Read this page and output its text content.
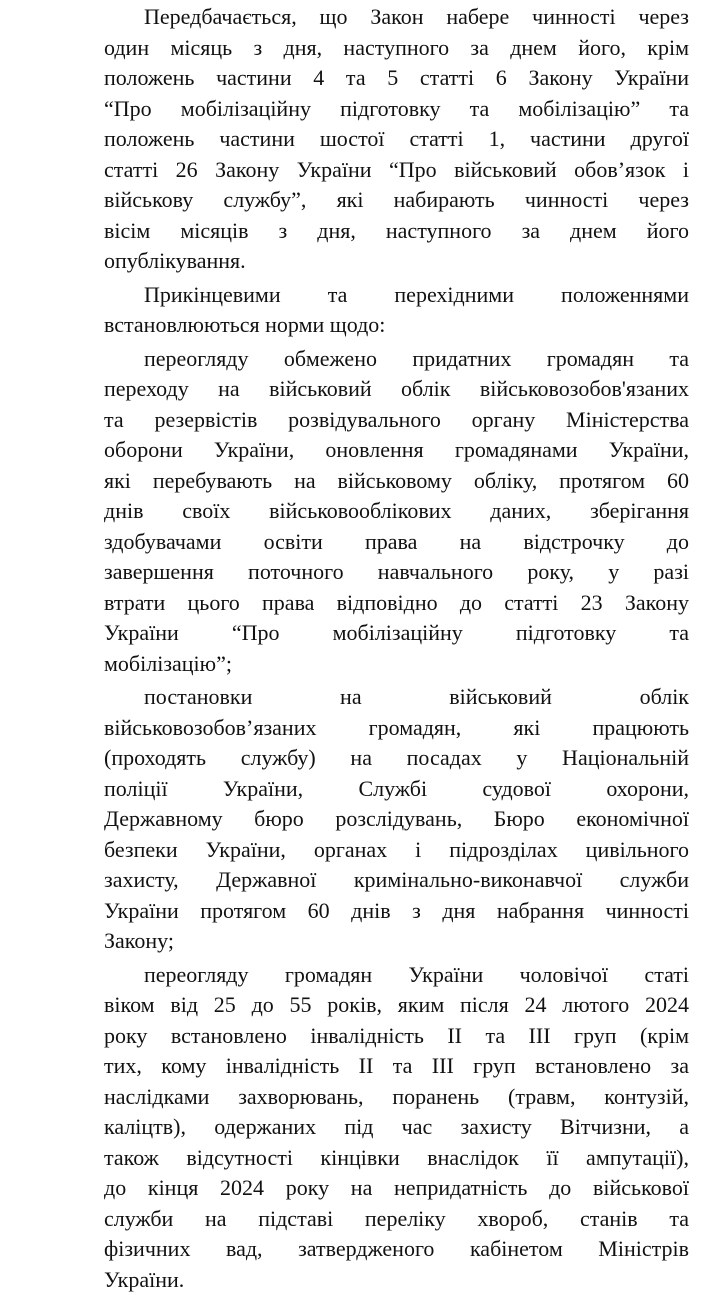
Передбачається, що Закон набере чинності через
один місяць з дня, наступного за днем його, крім
положень частини 4 та 5 статті 6 Закону України
“Про мобілізаційну підготовку та мобілізацію” та
положень частини шостої статті 1, частини другої
статті 26 Закону України “Про військовий обов’язок і
військову службу”, які набирають чинності через
вісім місяців з дня, наступного за днем його
опублікування.
Прикінцевими та перехідними положеннями
встановлюються норми щодо:
переогляду обмежено придатних громадян та
переходу на військовий облік військовозобов'язаних
та резервістів розвідувального органу Міністерства
оборони України, оновлення громадянами України,
які перебувають на військовому обліку, протягом 60
днів своїх військовооблікових даних, зберігання
здобувачами освіти права на відстрочку до
завершення поточного навчального року, у разі
втрати цього права відповідно до статті 23 Закону
України “Про мобілізаційну підготовку та
мобілізацію”;
постановки на військовий облік
військовозобов’язаних громадян, які працюють
(проходять службу) на посадах у Національній
поліції України, Службі судової охорони,
Державному бюро розслідувань, Бюро економічної
безпеки України, органах і підрозділах цивільного
захисту, Державної кримінально-виконавчої служби
України протягом 60 днів з дня набрання чинності
Закону;
переогляду громадян України чоловічої статі
віком від 25 до 55 років, яким після 24 лютого 2024
року встановлено інвалідність ІІ та ІІІ груп (крім
тих, кому інвалідність ІІ та ІІІ груп встановлено за
наслідками захворювань, поранень (травм, контузій,
каліцтв), одержаних під час захисту Вітчизни, а
також відсутності кінцівки внаслідок її ампутації),
до кінця 2024 року на непридатність до військової
служби на підставі переліку хвороб, станів та
фізичних вад, затвердженого кабінетом Міністрів
України.
